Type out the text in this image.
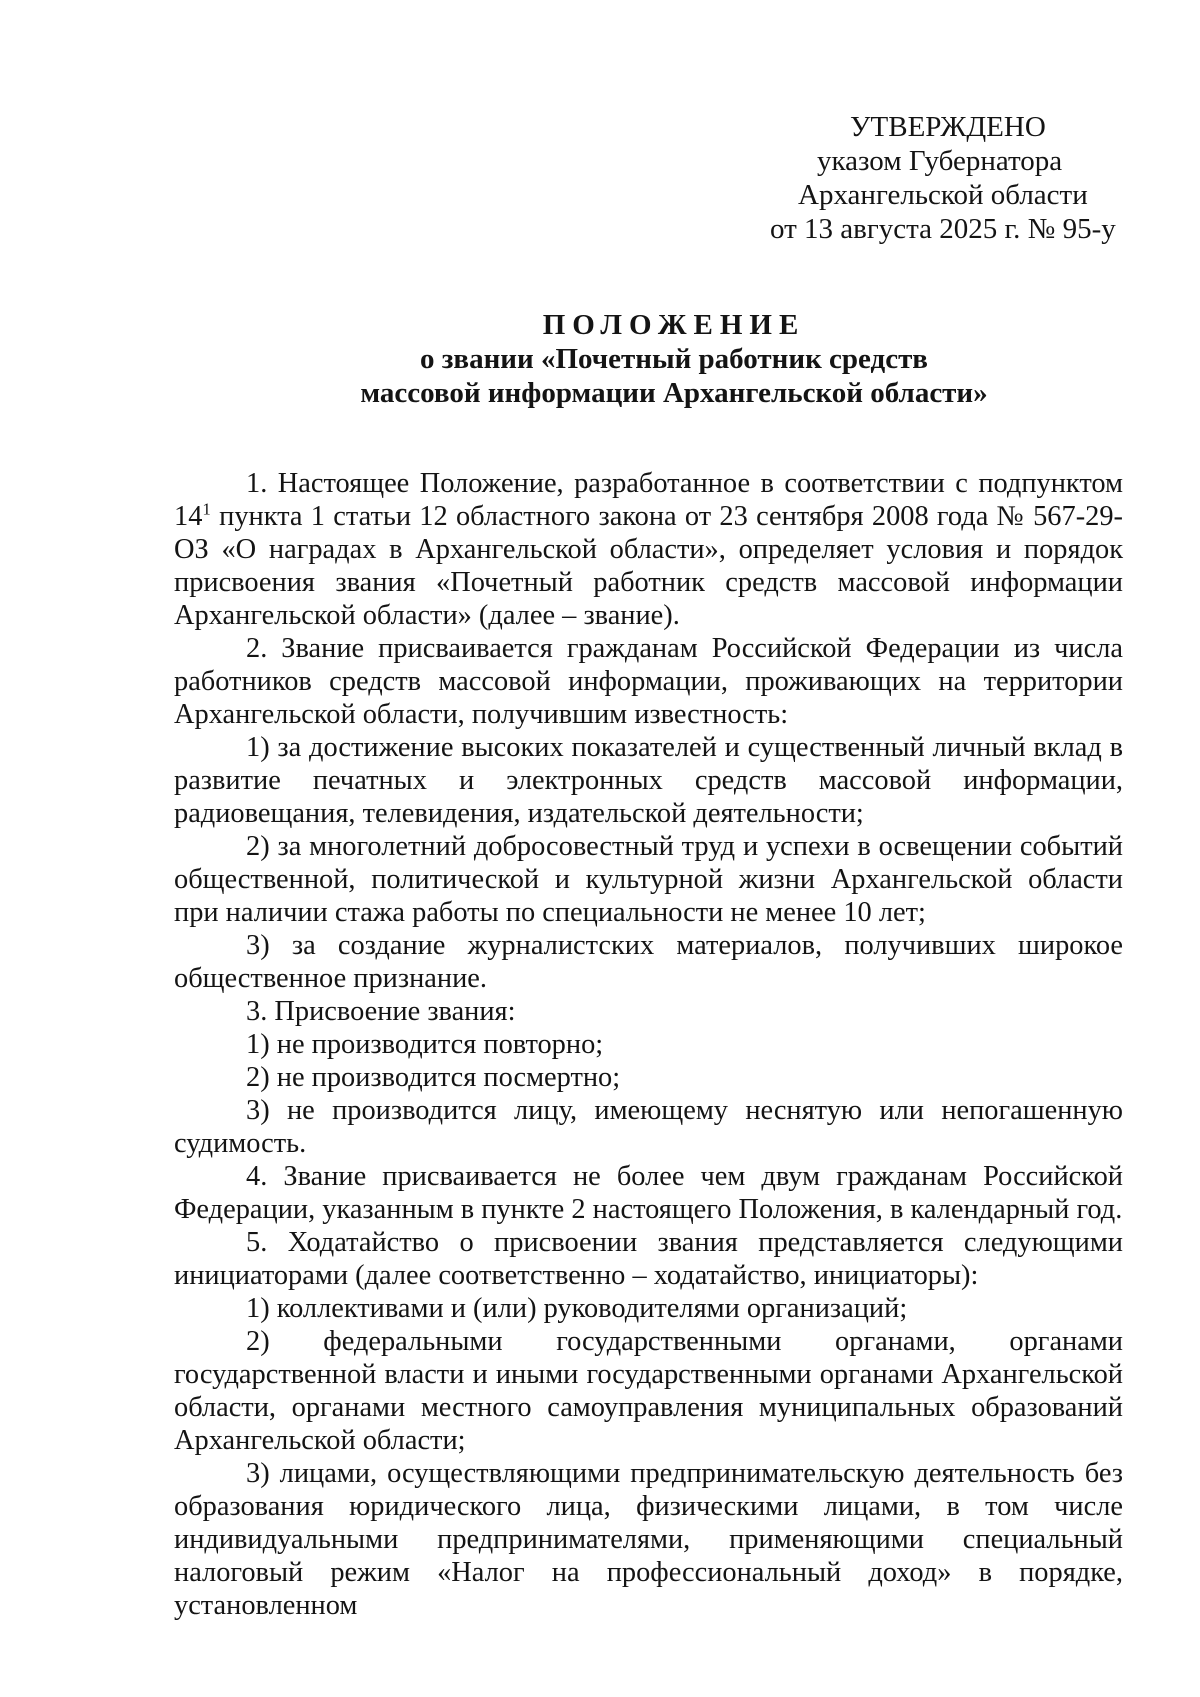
УТВЕРЖДЕНО
указом Губернатора
Архангельской области
от 13 августа 2025 г. № 95-у
ПОЛОЖЕНИЕ
о звании «Почетный работник средств
массовой информации Архангельской области»

1. Настоящее Положение, разработанное в соответствии с подпунктом $14^1$ пункта 1 статьи 12 областного закона от 23 сентября 2008 года № 567-29-ОЗ «О наградах в Архангельской области», определяет условия и порядок присвоения звания «Почетный работник средств массовой информации Архангельской области» (далее – звание).

2. Звание присваивается гражданам Российской Федерации из числа работников средств массовой информации, проживающих на территории Архангельской области, получившим известность:

1) за достижение высоких показателей и существенный личный вклад в развитие печатных и электронных средств массовой информации, радиовещания, телевидения, издательской деятельности;

2) за многолетний добросовестный труд и успехи в освещении событий общественной, политической и культурной жизни Архангельской области при наличии стажа работы по специальности не менее 10 лет;

3) за создание журналистских материалов, получивших широкое общественное признание.

3. Присвоение звания:

1) не производится повторно;

2) не производится посмертно;

3) не производится лицу, имеющему неснятую или непогашенную судимость.

4. Звание присваивается не более чем двум гражданам Российской Федерации, указанным в пункте 2 настоящего Положения, в календарный год.

5. Ходатайство о присвоении звания представляется следующими инициаторами (далее соответственно – ходатайство, инициаторы):

1) коллективами и (или) руководителями организаций;

2) федеральными государственными органами, органами государственной власти и иными государственными органами Архангельской области, органами местного самоуправления муниципальных образований Архангельской области;

3) лицами, осуществляющими предпринимательскую деятельность без образования юридического лица, физическими лицами, в том числе индивидуальными предпринимателями, применяющими специальный налоговый режим «Налог на профессиональный доход» в порядке, установленном
